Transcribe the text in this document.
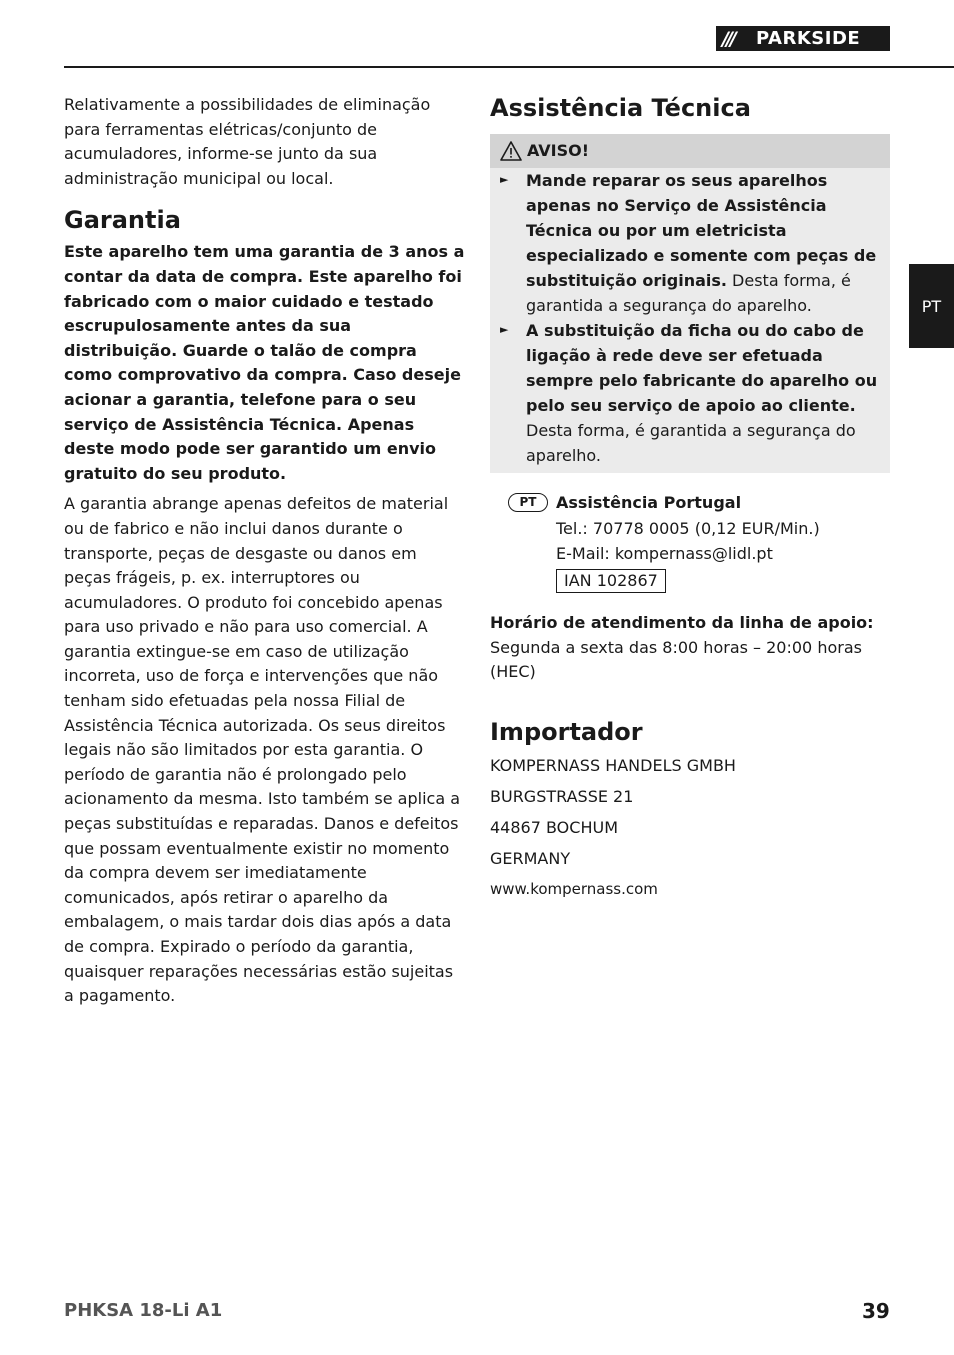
///	PARKSIDE
PT

Relativamente a possibilidades de eliminação para ferramentas elétricas/conjunto de acumuladores, informe-se junto da sua administração municipal ou local.

Garantia

Este aparelho tem uma garantia de 3 anos a contar da data de compra. Este aparelho foi fabricado com o maior cuidado e testado escrupulosamente antes da sua distribuição. Guarde o talão de compra como comprovativo da compra. Caso deseje acionar a garantia, telefone para o seu serviço de Assistência Técnica. Apenas deste modo pode ser garantido um envio gratuito do seu produto.

A garantia abrange apenas defeitos de material ou de fabrico e não inclui danos durante o transporte, peças de desgaste ou danos em peças frágeis, p. ex. interruptores ou acumuladores. O produto foi concebido apenas para uso privado e não para uso comercial. A garantia extingue-se em caso de utilização incorreta, uso de força e intervenções que não tenham sido efetuadas pela nossa Filial de Assistência Técnica autorizada. Os seus direitos legais não são limitados por esta garantia. O período de garantia não é prolongado pelo acionamento da mesma. Isto também se aplica a peças substituídas e reparadas. Danos e defeitos que possam eventualmente existir no momento da compra devem ser imediatamente comunicados, após retirar o aparelho da embalagem, o mais tardar dois dias após a data de compra. Expirado o período da garantia, quaisquer reparações necessárias estão sujeitas a pagamento.

Assistência Técnica
AVISO!
►	Mande reparar os seus aparelhos apenas no Serviço de Assistência Técnica ou por um eletricista especializado e somente com peças de substituição originais. Desta forma, é garantida a segurança do aparelho.
►	A substituição da ficha ou do cabo de ligação à rede deve ser efetuada sempre pelo fabricante do aparelho ou pelo seu serviço de apoio ao cliente. Desta forma, é garantida a segurança do aparelho.
PT	Assistência Portugal

Tel.: 70778 0005 (0,12 EUR/Min.)

E-Mail: kompernass@lidl.pt

IAN 102867

Horário de atendimento da linha de apoio:

Segunda a sexta das 8:00 horas – 20:00 horas (HEC)

Importador

KOMPERNASS HANDELS GMBH

BURGSTRASSE 21

44867 BOCHUM

GERMANY

www.kompernass.com

PHKSA 18-Li A1	39
